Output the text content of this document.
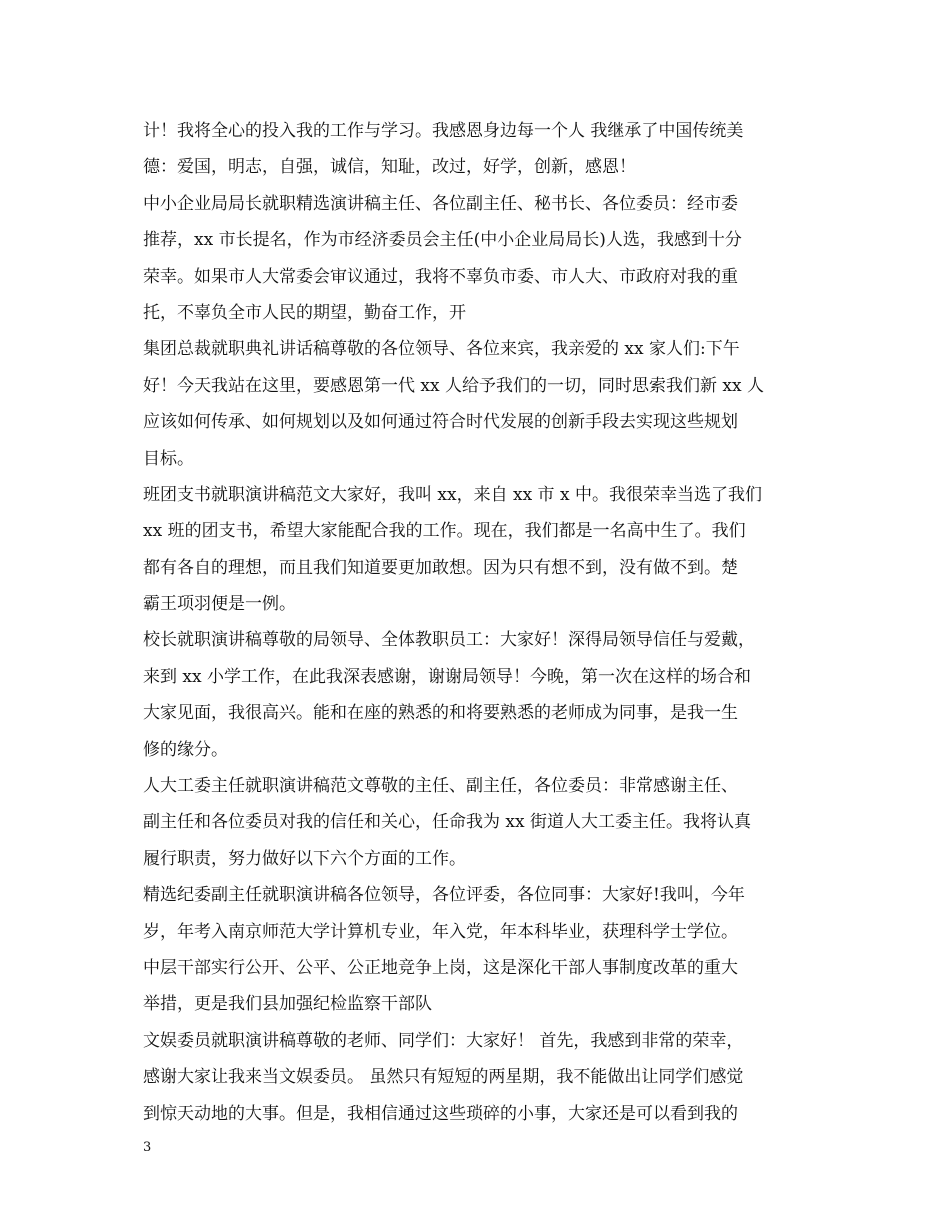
计！我将全心的投入我的工作与学习。我感恩身边每一个人 我继承了中国传统美
德：爱国，明志，自强，诚信，知耻，改过，好学，创新，感恩！
中小企业局局长就职精选演讲稿主任、各位副主任、秘书长、各位委员：经市委
推荐，xx 市长提名，作为市经济委员会主任(中小企业局局长)人选，我感到十分
荣幸。如果市人大常委会审议通过，我将不辜负市委、市人大、市政府对我的重
托，不辜负全市人民的期望，勤奋工作，开
集团总裁就职典礼讲话稿尊敬的各位领导、各位来宾，我亲爱的 xx 家人们:下午
好！今天我站在这里，要感恩第一代 xx 人给予我们的一切，同时思索我们新 xx 人
应该如何传承、如何规划以及如何通过符合时代发展的创新手段去实现这些规划
目标。
班团支书就职演讲稿范文大家好，我叫 xx，来自 xx 市 x 中。我很荣幸当选了我们
xx 班的团支书，希望大家能配合我的工作。现在，我们都是一名高中生了。我们
都有各自的理想，而且我们知道要更加敢想。因为只有想不到，没有做不到。楚
霸王项羽便是一例。
校长就职演讲稿尊敬的局领导、全体教职员工：大家好！深得局领导信任与爱戴，
来到 xx 小学工作，在此我深表感谢，谢谢局领导！今晚，第一次在这样的场合和
大家见面，我很高兴。能和在座的熟悉的和将要熟悉的老师成为同事，是我一生
修的缘分。
人大工委主任就职演讲稿范文尊敬的主任、副主任，各位委员：非常感谢主任、
副主任和各位委员对我的信任和关心，任命我为 xx 街道人大工委主任。我将认真
履行职责，努力做好以下六个方面的工作。
精选纪委副主任就职演讲稿各位领导，各位评委，各位同事：大家好!我叫，今年
岁，年考入南京师范大学计算机专业，年入党，年本科毕业，获理科学士学位。
中层干部实行公开、公平、公正地竞争上岗，这是深化干部人事制度改革的重大
举措，更是我们县加强纪检监察干部队
文娱委员就职演讲稿尊敬的老师、同学们：大家好！ 首先，我感到非常的荣幸，
感谢大家让我来当文娱委员。 虽然只有短短的两星期，我不能做出让同学们感觉
到惊天动地的大事。但是，我相信通过这些琐碎的小事，大家还是可以看到我的
3
